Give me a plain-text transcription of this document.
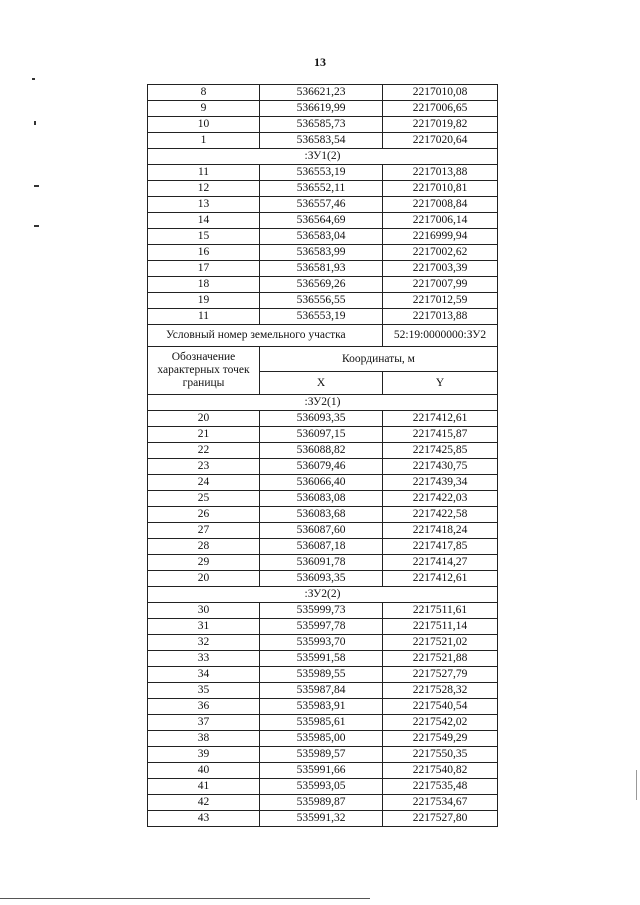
13
8	536621,23	2217010,08
9	536619,99	2217006,65
10	536585,73	2217019,82
1	536583,54	2217020,64
:ЗУ1(2)		
11	536553,19	2217013,88
12	536552,11	2217010,81
13	536557,46	2217008,84
14	536564,69	2217006,14
15	536583,04	2216999,94
16	536583,99	2217002,62
17	536581,93	2217003,39
18	536569,26	2217007,99
19	536556,55	2217012,59
11	536553,19	2217013,88
Условный номер земельного участка		52:19:0000000:ЗУ2
Обозначение характерных точек границы	Координаты, м	
	X	Y
:ЗУ2(1)		
20	536093,35	2217412,61
21	536097,15	2217415,87
22	536088,82	2217425,85
23	536079,46	2217430,75
24	536066,40	2217439,34
25	536083,08	2217422,03
26	536083,68	2217422,58
27	536087,60	2217418,24
28	536087,18	2217417,85
29	536091,78	2217414,27
20	536093,35	2217412,61
:ЗУ2(2)		
30	535999,73	2217511,61
31	535997,78	2217511,14
32	535993,70	2217521,02
33	535991,58	2217521,88
34	535989,55	2217527,79
35	535987,84	2217528,32
36	535983,91	2217540,54
37	535985,61	2217542,02
38	535985,00	2217549,29
39	535989,57	2217550,35
40	535991,66	2217540,82
41	535993,05	2217535,48
42	535989,87	2217534,67
43	535991,32	2217527,80
